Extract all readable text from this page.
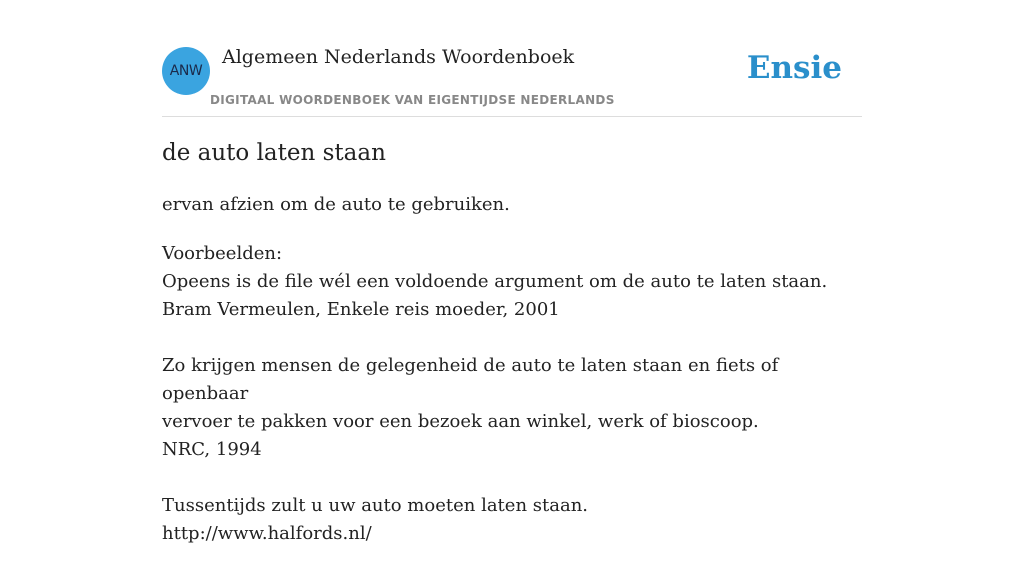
ANW
Algemeen Nederlands Woordenboek
DIGITAAL WOORDENBOEK VAN EIGENTIJDSE NEDERLANDS
Ensie
de auto laten staan
ervan afzien om de auto te gebruiken.
Voorbeelden:
Opeens is de file wél een voldoende argument om de auto te laten staan.
Bram Vermeulen, Enkele reis moeder, 2001
Zo krijgen mensen de gelegenheid de auto te laten staan en fiets of openbaar
vervoer te pakken voor een bezoek aan winkel, werk of bioscoop.
NRC, 1994
Tussentijds zult u uw auto moeten laten staan.
http://www.halfords.nl/
